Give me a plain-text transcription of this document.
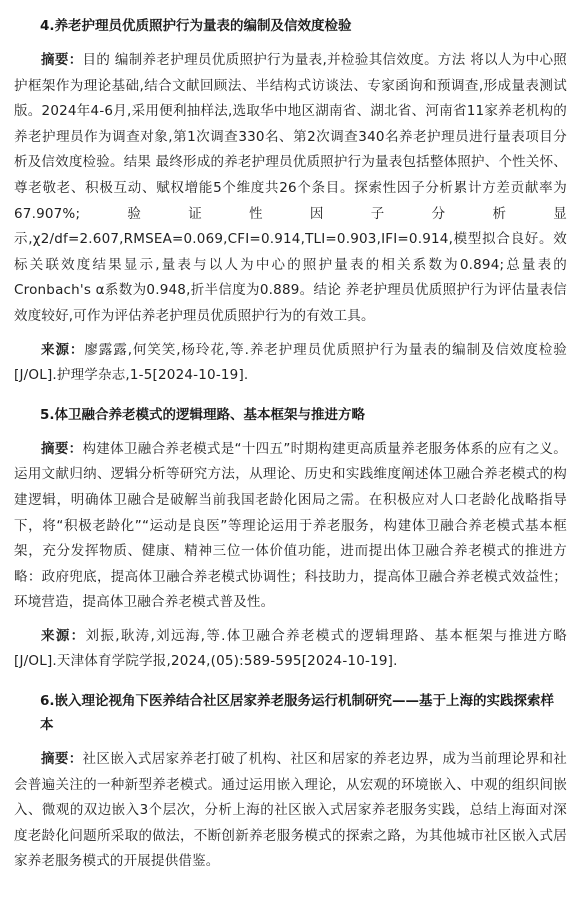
4.养老护理员优质照护行为量表的编制及信效度检验

摘要：目的 编制养老护理员优质照护行为量表,并检验其信效度。方法 将以人为中心照护框架作为理论基础,结合文献回顾法、半结构式访谈法、专家函询和预调查,形成量表测试版。2024年4-6月,采用便利抽样法,选取华中地区湖南省、湖北省、河南省11家养老机构的养老护理员作为调查对象,第1次调查330名、第2次调查340名养老护理员进行量表项目分析及信效度检验。结果 最终形成的养老护理员优质照护行为量表包括整体照护、个性关怀、尊老敬老、积极互动、赋权增能5个维度共26个条目。探索性因子分析累计方差贡献率为67.907%;验证性因子分析显示,χ2/df=2.607,RMSEA=0.069,CFI=0.914,TLI=0.903,IFI=0.914,模型拟合良好。效标关联效度结果显示,量表与以人为中心的照护量表的相关系数为0.894;总量表的Cronbach's α系数为0.948,折半信度为0.889。结论 养老护理员优质照护行为评估量表信效度较好,可作为评估养老护理员优质照护行为的有效工具。

来源：廖露露,何笑笑,杨玲花,等.养老护理员优质照护行为量表的编制及信效度检验[J/OL].护理学杂志,1-5[2024-10-19].

5.体卫融合养老模式的逻辑理路、基本框架与推进方略

摘要：构建体卫融合养老模式是“十四五”时期构建更高质量养老服务体系的应有之义。运用文献归纳、逻辑分析等研究方法，从理论、历史和实践维度阐述体卫融合养老模式的构建逻辑，明确体卫融合是破解当前我国老龄化困局之需。在积极应对人口老龄化战略指导下，将“积极老龄化”“运动是良医”等理论运用于养老服务，构建体卫融合养老模式基本框架，充分发挥物质、健康、精神三位一体价值功能，进而提出体卫融合养老模式的推进方略：政府兜底，提高体卫融合养老模式协调性；科技助力，提高体卫融合养老模式效益性；环境营造，提高体卫融合养老模式普及性。

来源：刘振,耿涛,刘远海,等.体卫融合养老模式的逻辑理路、基本框架与推进方略[J/OL].天津体育学院学报,2024,(05):589-595[2024-10-19].

6.嵌入理论视角下医养结合社区居家养老服务运行机制研究——基于上海的实践探索样本

摘要：社区嵌入式居家养老打破了机构、社区和居家的养老边界，成为当前理论界和社会普遍关注的一种新型养老模式。通过运用嵌入理论，从宏观的环境嵌入、中观的组织间嵌入、微观的双边嵌入3个层次，分析上海的社区嵌入式居家养老服务实践，总结上海面对深度老龄化问题所采取的做法，不断创新养老服务模式的探索之路，为其他城市社区嵌入式居家养老服务模式的开展提供借鉴。
